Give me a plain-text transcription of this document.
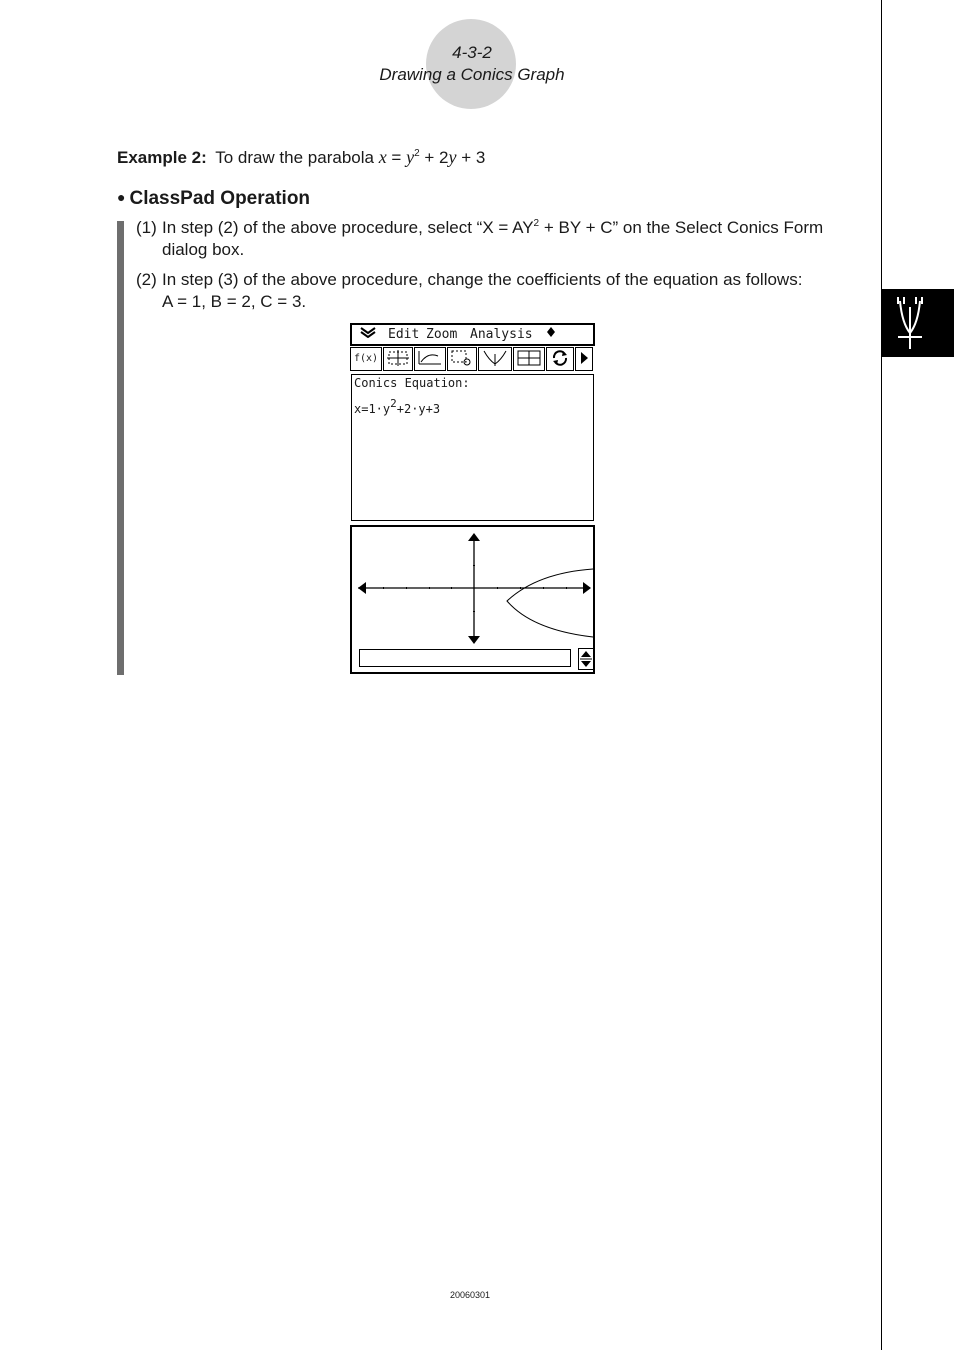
4-3-2
Drawing a Conics Graph
Example 2: To draw the parabola $x = y^2 + 2y + 3$
● ClassPad Operation
(1) In step (2) of the above procedure, select “$X = AY^2$ + BY + C” on the Select Conics Form dialog box.
(2) In step (3) of the above procedure, change the coefficients of the equation as follows:
A = 1, B = 2, C = 3.
Edit Zoom Analysis
f(x)
Conics Equation:
$x=1\cdot y^2+2\cdot y+3$
20060301
